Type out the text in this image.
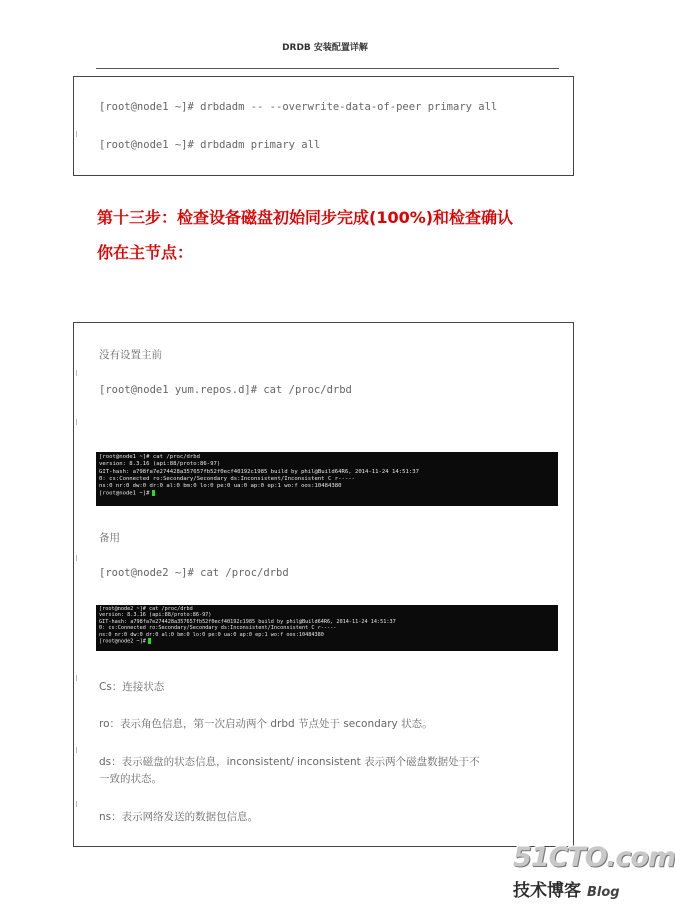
DRDB 安装配置详解
[root@node1 ~]# drbdadm -- --overwrite-data-of-peer primary all
[root@node1 ~]# drbdadm primary all
第十三步：检查设备磁盘初始同步完成(100%)和检查确认
你在主节点：
没有设置主前
[root@node1 yum.repos.d]# cat /proc/drbd
[root@node1 ~]# cat /proc/drbd
version: 8.3.16 (api:88/proto:86-97)
GIT-hash: a798fa7e274428a357657fb52f0ecf40192c1985 build by phil@Build64R6, 2014-11-24 14:51:37
0: cs:Connected ro:Secondary/Secondary ds:Inconsistent/Inconsistent C r-----
ns:0 nr:0 dw:0 dr:0 al:0 bm:0 lo:0 pe:0 ua:0 ap:0 ep:1 wo:f oos:10484380
[root@node1 ~]#
备用
[root@node2 ~]# cat /proc/drbd
[root@node2 ~]# cat /proc/drbd
version: 8.3.16 (api:88/proto:86-97)
GIT-hash: a798fa7e274428a357657fb52f0ecf40192c1985 build by phil@Build64R6, 2014-11-24 14:51:37
0: cs:Connected ro:Secondary/Secondary ds:Inconsistent/Inconsistent C r-----
ns:0 nr:0 dw:0 dr:0 al:0 bm:0 lo:0 pe:0 ua:0 ap:0 ep:1 wo:f oos:10484380
[root@node2 ~]#
Cs：连接状态
ro：表示角色信息，第一次启动两个 drbd 节点处于 secondary 状态。
ds：表示磁盘的状态信息，inconsistent/ inconsistent 表示两个磁盘数据处于不
一致的状态。
ns：表示网络发送的数据包信息。
51CTO.com
技术博客 Blog
